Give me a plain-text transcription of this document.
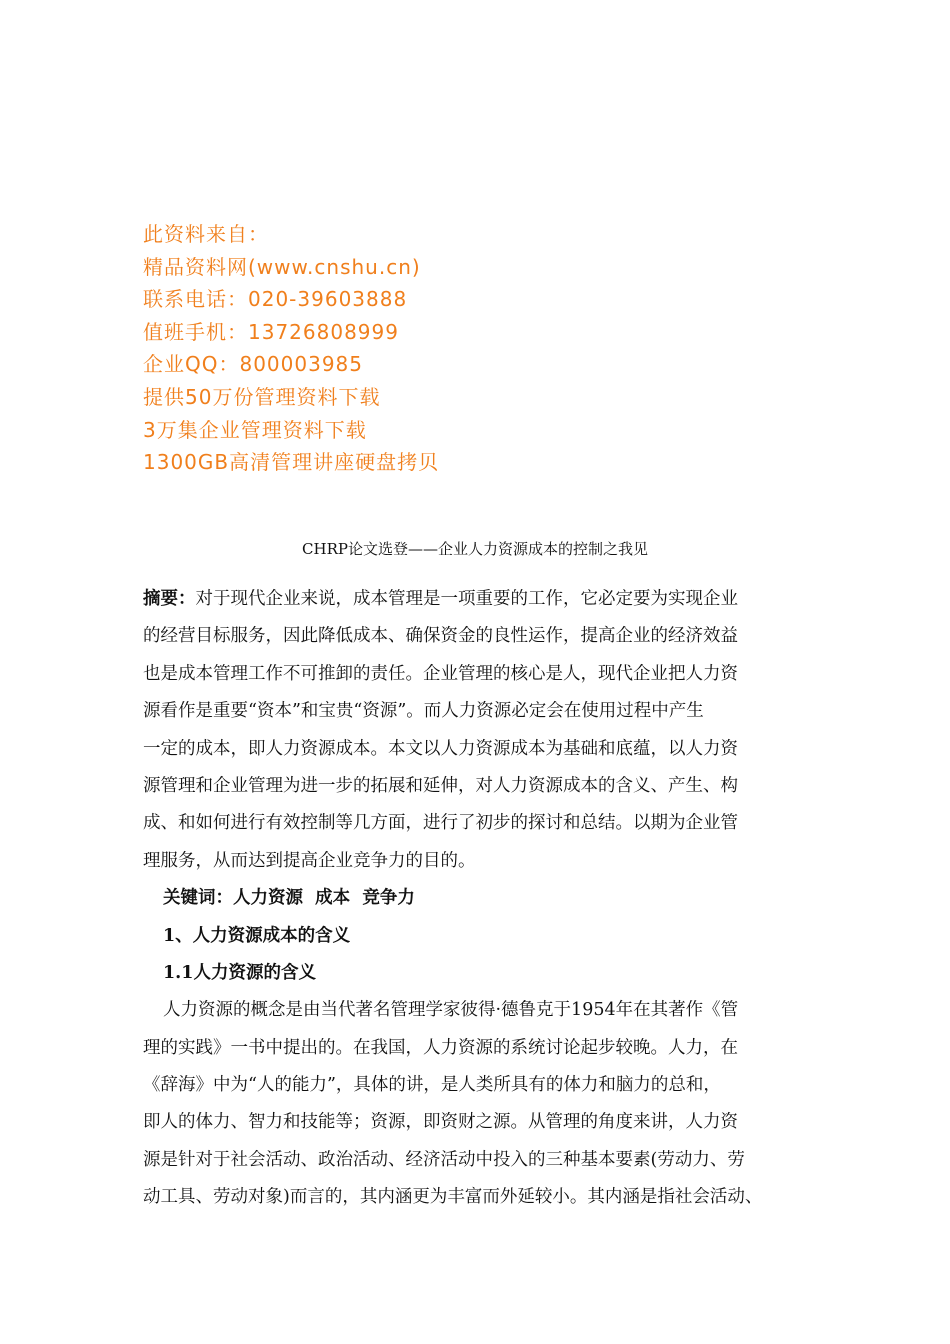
此资料来自：
精品资料网(www.cnshu.cn)
联系电话：020-39603888
值班手机：13726808999
企业QQ：800003985
提供50万份管理资料下载
3万集企业管理资料下载
1300GB高清管理讲座硬盘拷贝
CHRP论文选登——企业人力资源成本的控制之我见
摘要：对于现代企业来说，成本管理是一项重要的工作，它必定要为实现企业
的经营目标服务，因此降低成本、确保资金的良性运作，提高企业的经济效益
也是成本管理工作不可推卸的责任。企业管理的核心是人，现代企业把人力资
源看作是重要“资本”和宝贵“资源”。而人力资源必定会在使用过程中产生
一定的成本，即人力资源成本。本文以人力资源成本为基础和底蕴，以人力资
源管理和企业管理为进一步的拓展和延伸，对人力资源成本的含义、产生、构
成、和如何进行有效控制等几方面，进行了初步的探讨和总结。以期为企业管
理服务，从而达到提高企业竞争力的目的。
关键词：人力资源  成本  竞争力
1、人力资源成本的含义
1.1人力资源的含义
人力资源的概念是由当代著名管理学家彼得·德鲁克于1954年在其著作《管
理的实践》一书中提出的。在我国，人力资源的系统讨论起步较晚。人力，在
《辞海》中为“人的能力”，具体的讲，是人类所具有的体力和脑力的总和，
即人的体力、智力和技能等；资源，即资财之源。从管理的角度来讲，人力资
源是针对于社会活动、政治活动、经济活动中投入的三种基本要素(劳动力、劳
动工具、劳动对象)而言的，其内涵更为丰富而外延较小。其内涵是指社会活动、
